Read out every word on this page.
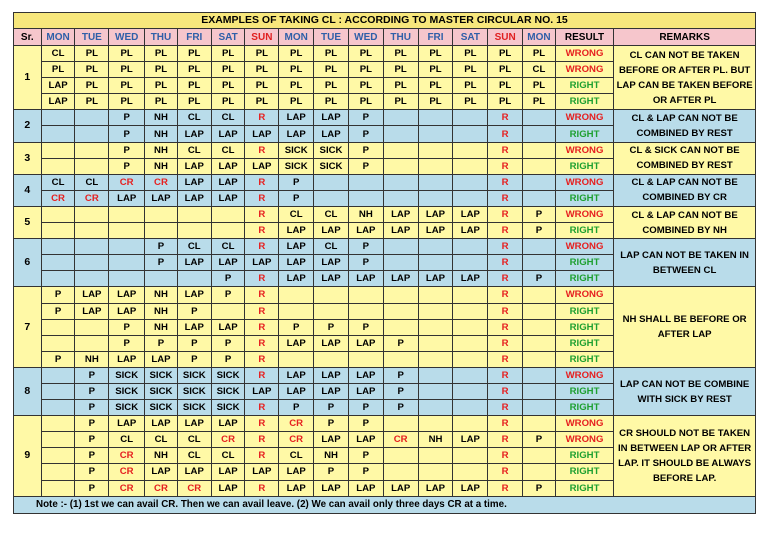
EXAMPLES OF TAKING CL : ACCORDING TO MASTER CIRCULAR NO. 15																	
Sr.	MON	TUE	WED	THU	FRI	SAT	SUN	MON	TUE	WED	THU	FRI	SAT	SUN	MON	RESULT	REMARKS
1	CL	PL	PL	PL	PL	PL	PL	PL	PL	PL	PL	PL	PL	PL	PL	WRONG	CL CAN NOT BE TAKEN BEFORE OR AFTER PL. BUT LAP CAN BE TAKEN BEFORE OR AFTER PL
	PL	PL	PL	PL	PL	PL	PL	PL	PL	PL	PL	PL	PL	PL	CL	WRONG	
	LAP	PL	PL	PL	PL	PL	PL	PL	PL	PL	PL	PL	PL	PL	PL	RIGHT	
	LAP	PL	PL	PL	PL	PL	PL	PL	PL	PL	PL	PL	PL	PL	PL	RIGHT	
2			P	NH	CL	CL	R	LAP	LAP	P				R		WRONG	CL & LAP CAN NOT BE COMBINED BY REST
			P	NH	LAP	LAP	LAP	LAP	LAP	P				R		RIGHT	
3			P	NH	CL	CL	R	SICK	SICK	P				R		WRONG	CL & SICK CAN NOT BE COMBINED BY REST
			P	NH	LAP	LAP	LAP	SICK	SICK	P				R		RIGHT	
4	CL	CL	CR	CR	LAP	LAP	R	P						R		WRONG	CL & LAP CAN NOT BE COMBINED BY CR
	CR	CR	LAP	LAP	LAP	LAP	R	P						R		RIGHT	
5							R	CL	CL	NH	LAP	LAP	LAP	R	P	WRONG	CL & LAP CAN NOT BE COMBINED BY NH
							R	LAP	LAP	LAP	LAP	LAP	LAP	R	P	RIGHT	
6				P	CL	CL	R	LAP	CL	P				R		WRONG	LAP CAN NOT BE TAKEN IN BETWEEN CL
				P	LAP	LAP	LAP	LAP	LAP	P				R		RIGHT	
						P	R	LAP	LAP	LAP	LAP	LAP	LAP	R	P	RIGHT	
7	P	LAP	LAP	NH	LAP	P	R							R		WRONG	NH SHALL BE BEFORE OR AFTER LAP
	P	LAP	LAP	NH	P		R							R		RIGHT	
			P	NH	LAP	LAP	R	P	P	P				R		RIGHT	
			P	P	P	P	R	LAP	LAP	LAP	P			R		RIGHT	
	P	NH	LAP	LAP	P	P	R							R		RIGHT	
8		P	SICK	SICK	SICK	SICK	R	LAP	LAP	LAP	P			R		WRONG	LAP CAN NOT BE COMBINE WITH SICK BY REST
		P	SICK	SICK	SICK	SICK	LAP	LAP	LAP	LAP	P			R		RIGHT	
		P	SICK	SICK	SICK	SICK	R	P	P	P	P			R		RIGHT	
9		P	LAP	LAP	LAP	LAP	R	CR	P	P				R		WRONG	CR SHOULD NOT BE TAKEN IN BETWEEN LAP OR AFTER LAP. IT SHOULD BE ALWAYS BEFORE LAP.
		P	CL	CL	CL	CR	R	CR	LAP	LAP	CR	NH	LAP	R	P	WRONG	
		P	CR	NH	CL	CL	R	CL	NH	P				R		RIGHT	
		P	CR	LAP	LAP	LAP	LAP	LAP	P	P				R		RIGHT	
		P	CR	CR	CR	LAP	R	LAP	LAP	LAP	LAP	LAP	LAP	R	P	RIGHT	
Note :- (1) 1st we can avail CR. Then we can avail leave. (2) We can avail only three days CR at a time.																	
